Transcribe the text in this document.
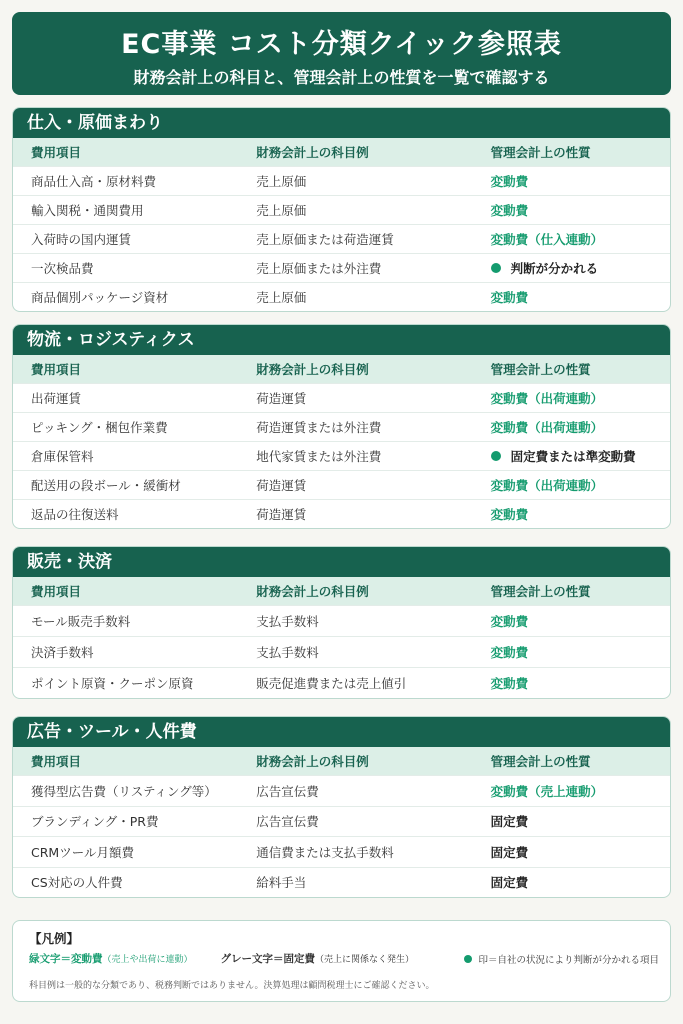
EC事業 コスト分類クイック参照表
財務会計上の科目と、管理会計上の性質を一覧で確認する
仕入・原価まわり
費用項目	財務会計上の科目例	管理会計上の性質
商品仕入高・原材料費	売上原価	変動費
輸入関税・通関費用	売上原価	変動費
入荷時の国内運賃	売上原価または荷造運賃	変動費（仕入連動）
一次検品費	売上原価または外注費	判断が分かれる
商品個別パッケージ資材	売上原価	変動費
物流・ロジスティクス
費用項目	財務会計上の科目例	管理会計上の性質
出荷運賃	荷造運賃	変動費（出荷連動）
ピッキング・梱包作業費	荷造運賃または外注費	変動費（出荷連動）
倉庫保管料	地代家賃または外注費	固定費または準変動費
配送用の段ボール・緩衝材	荷造運賃	変動費（出荷連動）
返品の往復送料	荷造運賃	変動費
販売・決済
費用項目	財務会計上の科目例	管理会計上の性質
モール販売手数料	支払手数料	変動費
決済手数料	支払手数料	変動費
ポイント原資・クーポン原資	販売促進費または売上値引	変動費
広告・ツール・人件費
費用項目	財務会計上の科目例	管理会計上の性質
獲得型広告費（リスティング等）	広告宣伝費	変動費（売上連動）
ブランディング・PR費	広告宣伝費	固定費
CRMツール月額費	通信費または支払手数料	固定費
CS対応の人件費	給料手当	固定費
【凡例】
緑文字＝変動費（売上や出荷に連動）	グレー文字＝固定費（売上に関係なく発生）	印＝自社の状況により判断が分かれる項目
科目例は一般的な分類であり、税務判断ではありません。決算処理は顧問税理士にご確認ください。
